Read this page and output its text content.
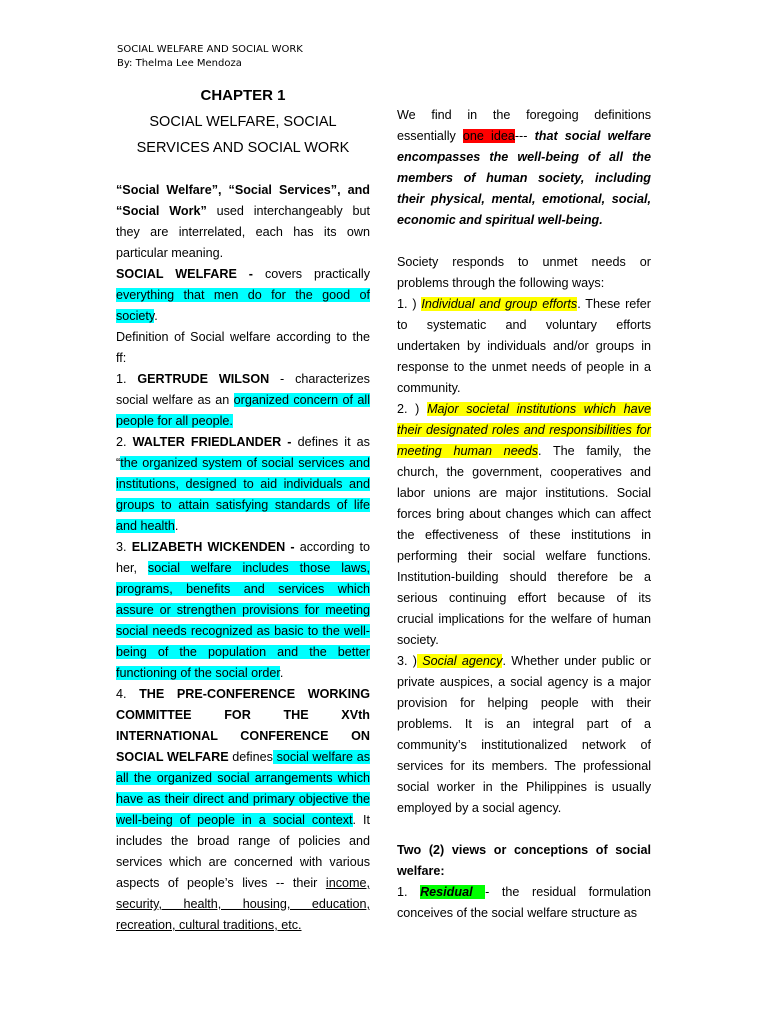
SOCIAL WELFARE AND SOCIAL WORK
By: Thelma Lee Mendoza
CHAPTER 1
SOCIAL WELFARE, SOCIAL
SERVICES AND SOCIAL WORK

“Social Welfare”, “Social Services”, and “Social Work” used interchangeably but they are interrelated, each has its own particular meaning.

SOCIAL WELFARE - covers practically everything that men do for the good of society.

Definition of Social welfare according to the ff:

1. GERTRUDE WILSON - characterizes social welfare as an organized concern of all people for all people.

2. WALTER FRIEDLANDER - defines it as “the organized system of social services and institutions, designed to aid individuals and groups to attain satisfying standards of life and health.

3. ELIZABETH WICKENDEN - according to her, social welfare includes those laws, programs, benefits and services which assure or strengthen provisions for meeting social needs recognized as basic to the well-being of the population and the better functioning of the social order.

4. THE PRE-CONFERENCE WORKING COMMITTEE FOR THE XVth INTERNATIONAL CONFERENCE ON SOCIAL WELFARE defines social welfare as all the organized social arrangements which have as their direct and primary objective the well-being of people in a social context. It includes the broad range of policies and services which are concerned with various aspects of people’s lives -- their income, security, health, housing, education, recreation, cultural traditions, etc.

We find in the foregoing definitions essentially one idea--- that social welfare encompasses the well-being of all the members of human society, including their physical, mental, emotional, social, economic and spiritual well-being.

Society responds to unmet needs or problems through the following ways:

1. ) Individual and group efforts. These refer to systematic and voluntary efforts undertaken by individuals and/or groups in response to the unmet needs of people in a community.

2. ) Major societal institutions which have their designated roles and responsibilities for meeting human needs. The family, the church, the government, cooperatives and labor unions are major institutions. Social forces bring about changes which can affect the effectiveness of these institutions in performing their social welfare functions. Institution-building should therefore be a serious continuing effort because of its crucial implications for the welfare of human society.

3. ) Social agency. Whether under public or private auspices, a social agency is a major provision for helping people with their problems. It is an integral part of a community’s institutionalized network of services for its members. The professional social worker in the Philippines is usually employed by a social agency.

Two (2) views or conceptions of social welfare:

1. Residual - the residual formulation conceives of the social welfare structure as
